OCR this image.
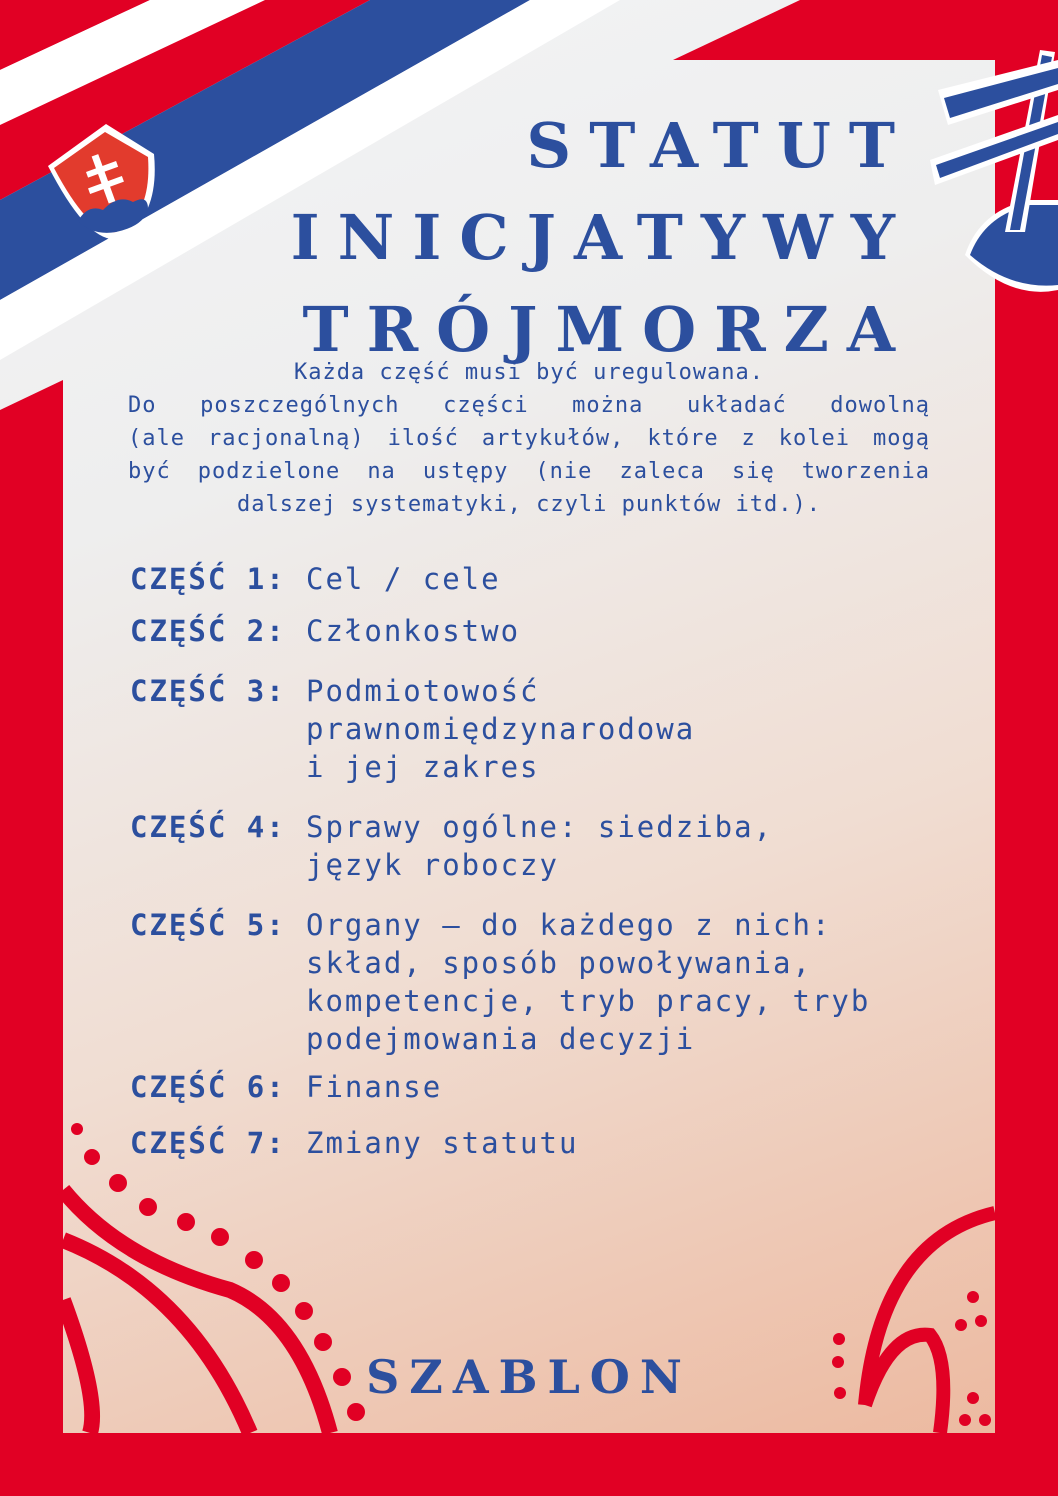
STATUT
INICJATYWY
TRÓJMORZA
Każda część musi być uregulowana.
Do poszczególnych części można układać dowolną
(ale racjonalną) ilość artykułów, które z kolei mogą
być podzielone na ustępy (nie zaleca się tworzenia
dalszej systematyki, czyli punktów itd.).
CZĘŚĆ 1: Cel / cele
CZĘŚĆ 2: Członkostwo
CZĘŚĆ 3: Podmiotowość
prawnomiędzynarodowa
i jej zakres
CZĘŚĆ 4: Sprawy ogólne: siedziba,
język roboczy
CZĘŚĆ 5: Organy – do każdego z nich:
skład, sposób powoływania,
kompetencje, tryb pracy, tryb
podejmowania decyzji
CZĘŚĆ 6: Finanse
CZĘŚĆ 7: Zmiany statutu
SZABLON
